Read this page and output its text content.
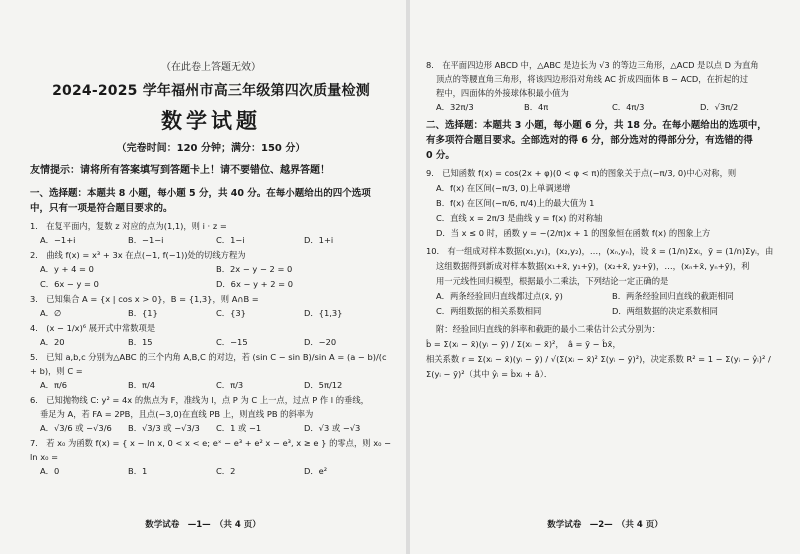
（在此卷上答题无效）
2024-2025 学年福州市高三年级第四次质量检测
数学试题
（完卷时间：120 分钟；满分：150 分）
友情提示：请将所有答案填写到答题卡上！请不要错位、越界答题！
一、选择题：本题共 8 小题，每小题 5 分，共 40 分。在每小题给出的四个选项
中，只有一项是符合题目要求的。

1.　在复平面内，复数 z 对应的点为(1,1)，则 i · z =

A．−1+i	B．−1−i	C．1−i	D．1+i

2.　曲线 f(x) = x³ + 3x 在点(−1, f(−1))处的切线方程为

A．y + 4 = 0	B．2x − y − 2 = 0
C．6x − y = 0	D．6x − y + 2 = 0

3.　已知集合 A = {x | cos x > 0}，B = {1,3}，则 A∩B =

A．∅	B．{1}	C．{3}	D．{1,3}

4.　(x − 1/x)⁶ 展开式中常数项是

A．20	B．15	C．−15	D．−20

5.　已知 a,b,c 分别为△ABC 的三个内角 A,B,C 的对边，若 (sin C − sin B)/sin A = (a − b)/(c + b)，则 C =

A．π/6	B．π/4	C．π/3	D．5π/12

6.　已知抛物线 C: y² = 4x 的焦点为 F，准线为 l，点 P 为 C 上一点，过点 P 作 l 的垂线，

垂足为 A，若 FA = 2PB，且点(−3,0)在直线 PB 上，则直线 PB 的斜率为

A．√3/6 或 −√3/6	B．√3/3 或 −√3/3	C．1 或 −1	D．√3 或 −√3

7.　若 x₀ 为函数 f(x) = { x − ln x, 0 < x < e; eˣ − e³ + e² x − e³, x ≥ e } 的零点，则 x₀ − ln x₀ =

A．0	B．1	C．2	D．e²
数学试卷　—1—　（共 4 页）

8.　在平面四边形 ABCD 中，△ABC 是边长为 √3 的等边三角形，△ACD 是以点 D 为直角

顶点的等腰直角三角形，将该四边形沿对角线 AC 折成四面体 B − ACD，在折起的过

程中，四面体的外接球体积最小值为

A．32π/3	B．4π	C．4π/3	D．√3π/2
二、选择题：本题共 3 小题，每小题 6 分，共 18 分。在每小题给出的选项中，
有多项符合题目要求。全部选对的得 6 分，部分选对的得部分分，有选错的得
0 分。

9.　已知函数 f(x) = cos(2x + φ)(0 < φ < π)的图象关于点(−π/3, 0)中心对称，则

A．f(x) 在区间(−π/3, 0)上单调递增

B．f(x) 在区间(−π/6, π/4)上的最大值为 1

C．直线 x = 2π/3 是曲线 y = f(x) 的对称轴

D．当 x ≤ 0 时，函数 y = −(2/π)x + 1 的图象恒在函数 f(x) 的图象上方

10.　有一组成对样本数据(x₁,y₁)，(x₂,y₂)，…，(xₙ,yₙ)，设 x̄ = (1/n)Σxᵢ，ȳ = (1/n)Σyᵢ，由

这组数据得到新成对样本数据(x₁+x̄, y₁+ȳ)，(x₂+x̄, y₂+ȳ)，…，(xₙ+x̄, yₙ+ȳ)，利

用一元线性回归模型，根据最小二乘法，下列结论一定正确的是

A．两条经验回归直线都过点(x̄, ȳ)	B．两条经验回归直线的截距相同
C．两组数据的相关系数相同	D．两组数据的决定系数相同

附：经验回归直线的斜率和截距的最小二乘估计公式分别为：

b̂ = Σ(xᵢ − x̄)(yᵢ − ȳ) / Σ(xᵢ − x̄)²，　â = ȳ − b̂x̄，

相关系数 r = Σ(xᵢ − x̄)(yᵢ − ȳ) / √(Σ(xᵢ − x̄)² Σ(yᵢ − ȳ)²)，决定系数 R² = 1 − Σ(yᵢ − ŷᵢ)² / Σ(yᵢ − ȳ)²（其中 ŷᵢ = b̂xᵢ + â）．

数学试卷　—2—　（共 4 页）
